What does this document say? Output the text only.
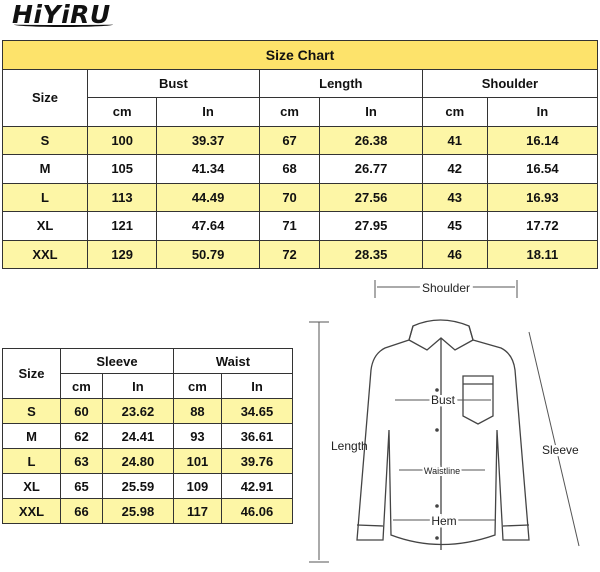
HiYiRU
Size Chart						
Size	Bust		Length		Shoulder	
	cm	In	cm	In	cm	In
S	100	39.37	67	26.38	41	16.14
M	105	41.34	68	26.77	42	16.54
L	113	44.49	70	27.56	43	16.93
XL	121	47.64	71	27.95	45	17.72
XXL	129	50.79	72	28.35	46	18.11
Size	Sleeve		Waist	
	cm	In	cm	In
S	60	23.62	88	34.65
M	62	24.41	93	36.61
L	63	24.80	101	39.76
XL	65	25.59	109	42.91
XXL	66	25.98	117	46.06
Shoulder
Length
Bust
Waistline
Hem
Sleeve
